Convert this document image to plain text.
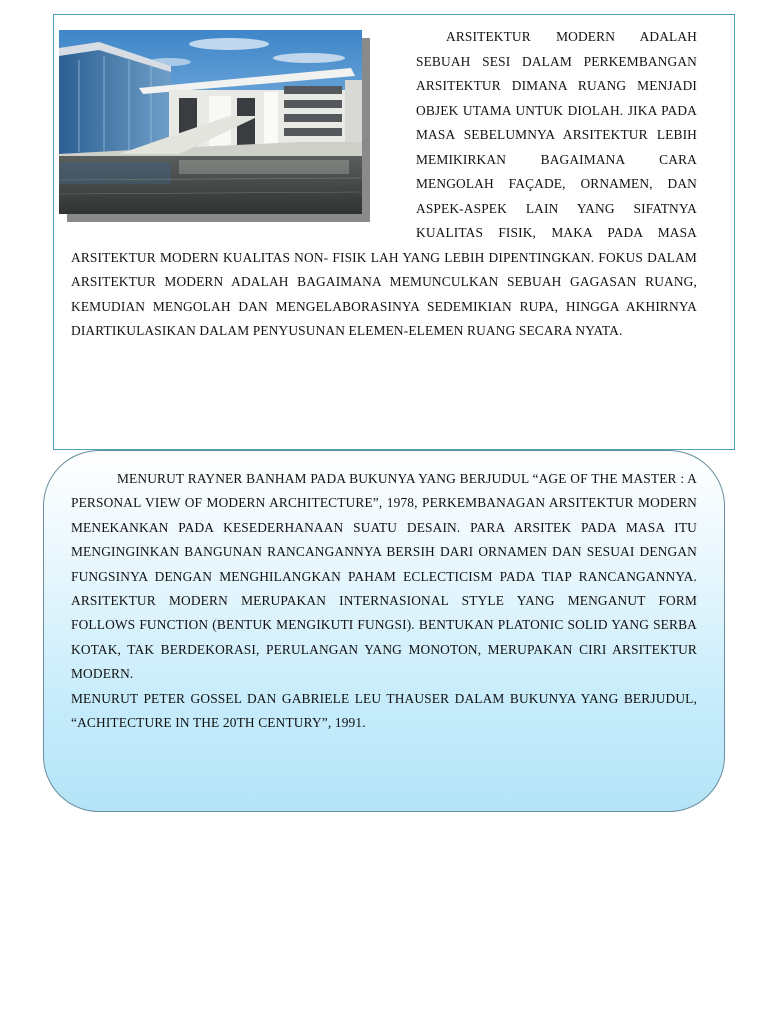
ARSITEKTUR MODERN ADALAH SEBUAH SESI DALAM PERKEMBANGAN ARSITEKTUR DIMANA RUANG MENJADI OBJEK UTAMA UNTUK DIOLAH. JIKA PADA MASA SEBELUMNYA ARSITEKTUR LEBIH MEMIKIRKAN BAGAIMANA CARA MENGOLAH FAÇADE, ORNAMEN, DAN ASPEK-ASPEK LAIN YANG SIFATNYA KUALITAS FISIK, MAKA PADA MASA ARSITEKTUR MODERN KUALITAS NON- FISIK LAH YANG LEBIH DIPENTINGKAN. FOKUS DALAM ARSITEKTUR MODERN ADALAH BAGAIMANA MEMUNCULKAN SEBUAH GAGASAN RUANG, KEMUDIAN MENGOLAH DAN MENGELABORASINYA SEDEMIKIAN RUPA, HINGGA AKHIRNYA DIARTIKULASIKAN DALAM PENYUSUNAN ELEMEN-ELEMEN RUANG SECARA NYATA.

MENURUT RAYNER BANHAM PADA BUKUNYA YANG BERJUDUL “AGE OF THE MASTER : A PERSONAL VIEW OF MODERN ARCHITECTURE”, 1978, PERKEMBANAGAN ARSITEKTUR MODERN MENEKANKAN PADA KESEDERHANAAN SUATU DESAIN. PARA ARSITEK PADA MASA ITU MENGINGINKAN BANGUNAN RANCANGANNYA BERSIH DARI ORNAMEN DAN SESUAI DENGAN FUNGSINYA DENGAN MENGHILANGKAN PAHAM ECLECTICISM PADA TIAP RANCANGANNYA. ARSITEKTUR MODERN MERUPAKAN INTERNASIONAL STYLE YANG MENGANUT FORM FOLLOWS FUNCTION (BENTUK MENGIKUTI FUNGSI). BENTUKAN PLATONIC SOLID YANG SERBA KOTAK, TAK BERDEKORASI, PERULANGAN YANG MONOTON, MERUPAKAN CIRI ARSITEKTUR MODERN.

MENURUT PETER GOSSEL DAN GABRIELE LEU THAUSER DALAM BUKUNYA YANG BERJUDUL, “ACHITECTURE IN THE 20TH CENTURY”, 1991.
